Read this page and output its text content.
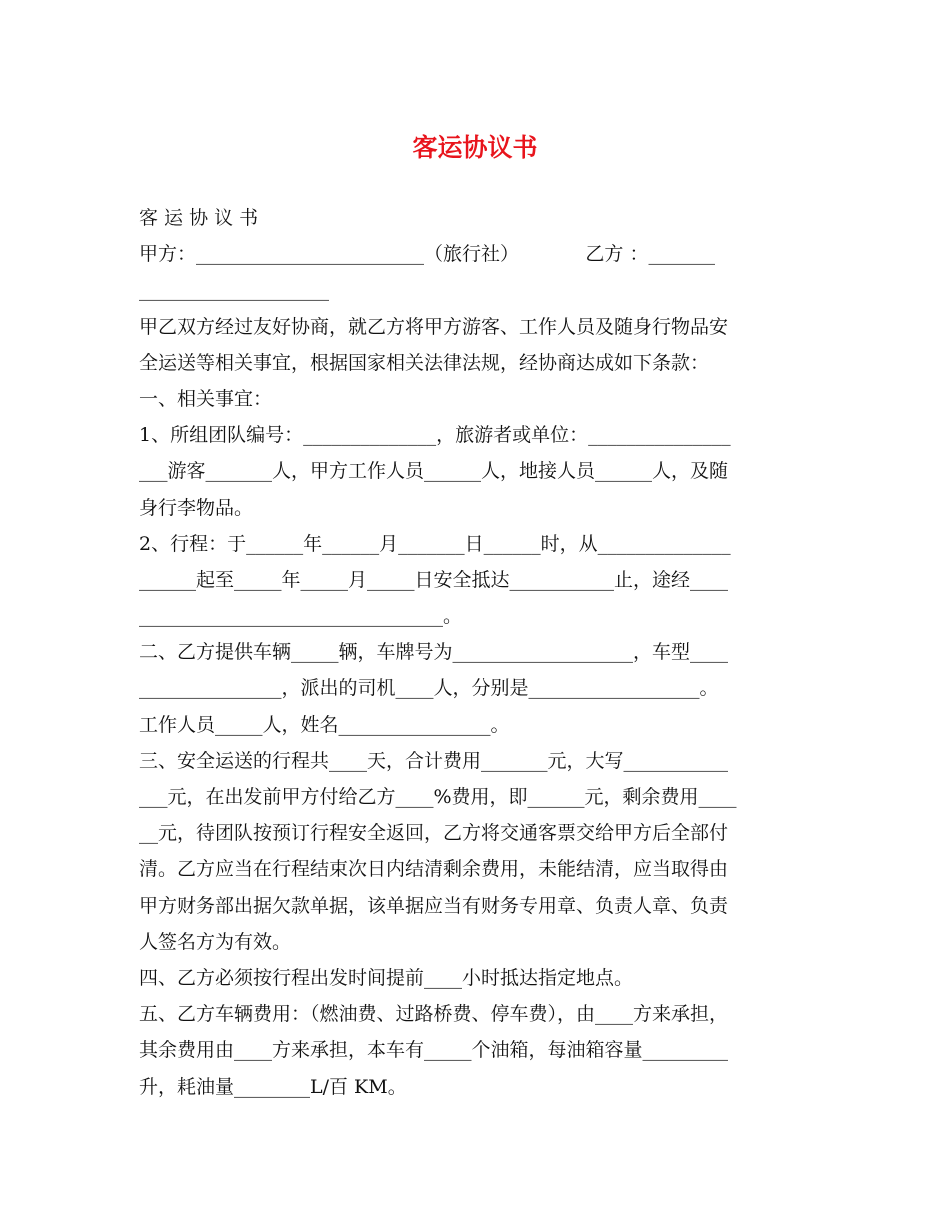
客运协议书
客 运 协 议 书
甲方：________________________（旅行社）           乙方 ：_______
____________________
甲乙双方经过友好协商，就乙方将甲方游客、工作人员及随身行物品安
全运送等相关事宜，根据国家相关法律法规，经协商达成如下条款：
一、相关事宜：
1、所组团队编号：______________，旅游者或单位：_______________
___游客_______人，甲方工作人员______人，地接人员______人，及随
身行李物品。
2、行程：于______年______月_______日______时，从______________
______起至_____年_____月_____日安全抵达___________止，途经____
________________________________。
二、乙方提供车辆_____辆，车牌号为___________________，车型____
_______________，派出的司机____人，分别是__________________。
工作人员_____人，姓名________________。
三、安全运送的行程共____天，合计费用_______元，大写___________
___元，在出发前甲方付给乙方____%费用，即______元，剩余费用____
__元，待团队按预订行程安全返回，乙方将交通客票交给甲方后全部付
清。乙方应当在行程结束次日内结清剩余费用，未能结清，应当取得由
甲方财务部出据欠款单据，该单据应当有财务专用章、负责人章、负责
人签名方为有效。
四、乙方必须按行程出发时间提前____小时抵达指定地点。
五、乙方车辆费用：（燃油费、过路桥费、停车费），由____方来承担，
其余费用由____方来承担，本车有_____个油箱，每油箱容量_________
升，耗油量________L/百 KM。
